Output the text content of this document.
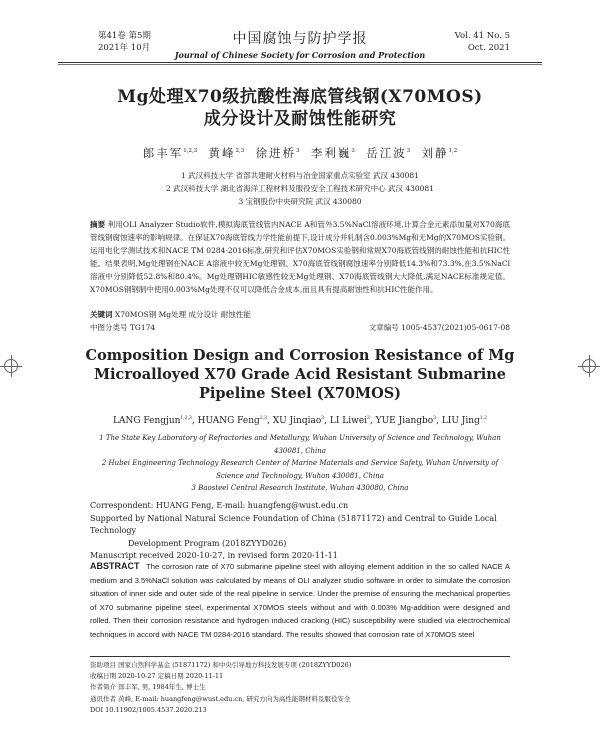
第41卷 第5期
2021年 10月
中国腐蚀与防护学报
Journal of Chinese Society for Corrosion and Protection
Vol. 41 No. 5
Oct. 2021
Mg处理X70级抗酸性海底管线钢(X70MOS)
成分设计及耐蚀性能研究
郎丰军$^{1,2,3}$ 黄峰$^{2,3}$ 徐进桥$^3$ 李利巍$^3$ 岳江波$^3$ 刘静$^{1,2}$
1 武汉科技大学 省部共建耐火材料与冶金国家重点实验室 武汉 430081
2 武汉科技大学 湖北省海洋工程材料及服役安全工程技术研究中心 武汉 430081
3 宝钢股份中央研究院 武汉 430080
摘要 利用OLI Analyzer Studio软件,模拟海底管线管内NACE A和管外3.5%NaCl溶液环境,计算合金元素添加量对X70海底管线钢腐蚀速率的影响规律。在保证X70海底管线力学性能前提下,设计成分并轧制含0.003%Mg和无Mg的X70MOS实验钢。运用电化学测试技术和NACE TM 0284-2016标准,研究和评估X70MOS实验钢和常规X70海底管线钢的耐蚀性能和抗HIC性能。结果表明,Mg处理钢在NACE A溶液中较无Mg处理钢、X70海底管线钢腐蚀速率分别降低14.3%和73.3%,在3.5%NaCl溶液中分别降低52.8%和80.4%。Mg处理钢HIC敏感性较无Mg处理钢、X70海底管线钢大大降低,满足NACE标准规定值。X70MOS钢钢制中使用0.003%Mg处理不仅可以降低合金成本,而且具有提高耐蚀性和抗HIC性能作用。
关键词 X70MOS钢 Mg处理 成分设计 耐蚀性能
中图分类号 TG174	文章编号 1005-4537(2021)05-0617-08
Composition Design and Corrosion Resistance of Mg
Microalloyed X70 Grade Acid Resistant Submarine
Pipeline Steel (X70MOS)
LANG Fengjun$^{1,2,3}$, HUANG Feng$^{2,3}$, XU Jinqiao$^3$, LI Liwei$^3$, YUE Jiangbo$^3$, LIU Jing$^{1,2}$
1 The State Key Laboratory of Refractories and Metallurgy, Wuhan University of Science and Technology, Wuhan 430081, China
2 Hubei Engineering Technology Research Center of Marine Materials and Service Safety, Wuhan University of Science and Technology, Wuhan 430081, China
3 Baosteel Central Research Institute, Wuhan 430080, China
Correspondent: HUANG Feng, E-mail: huangfeng@wust.edu.cn
Supported by National Natural Science Foundation of China (51871172) and Central to Guide Local Technology
Development Program (2018ZYYD026)
Manuscript received 2020-10-27, in revised form 2020-11-11
ABSTRACT The corrosion rate of X70 submarine pipeline steel with alloying element addition in the so called NACE A medium and 3.5%NaCl solution was calculated by means of OLI analyzer studio software in order to simulate the corrosion situation of inner side and outer side of the real pipeline in service. Under the premise of ensuring the mechanical properties of X70 submarine pipeline steel, experimental X70MOS steels without and with 0.003% Mg-addition were designed and rolled. Then their corrosion resistance and hydrogen induced cracking (HIC) susceptibility were studied via electrochemical techniques in accord with NACE TM 0284-2016 standard. The results showed that corrosion rate of X70MOS steel
资助项目 国家自然科学基金 (51871172) 和中央引导地方科技发展专项 (2018ZYYD026)
收稿日期 2020-10-27 定稿日期 2020-11-11
作者简介 郎丰军, 男, 1984年生, 博士生
通讯作者 黄峰, E-mail: huangfeng@wust.edu.cn, 研究方向为高性能钢材料及服役安全
DOI 10.11902/1005.4537.2020.213
